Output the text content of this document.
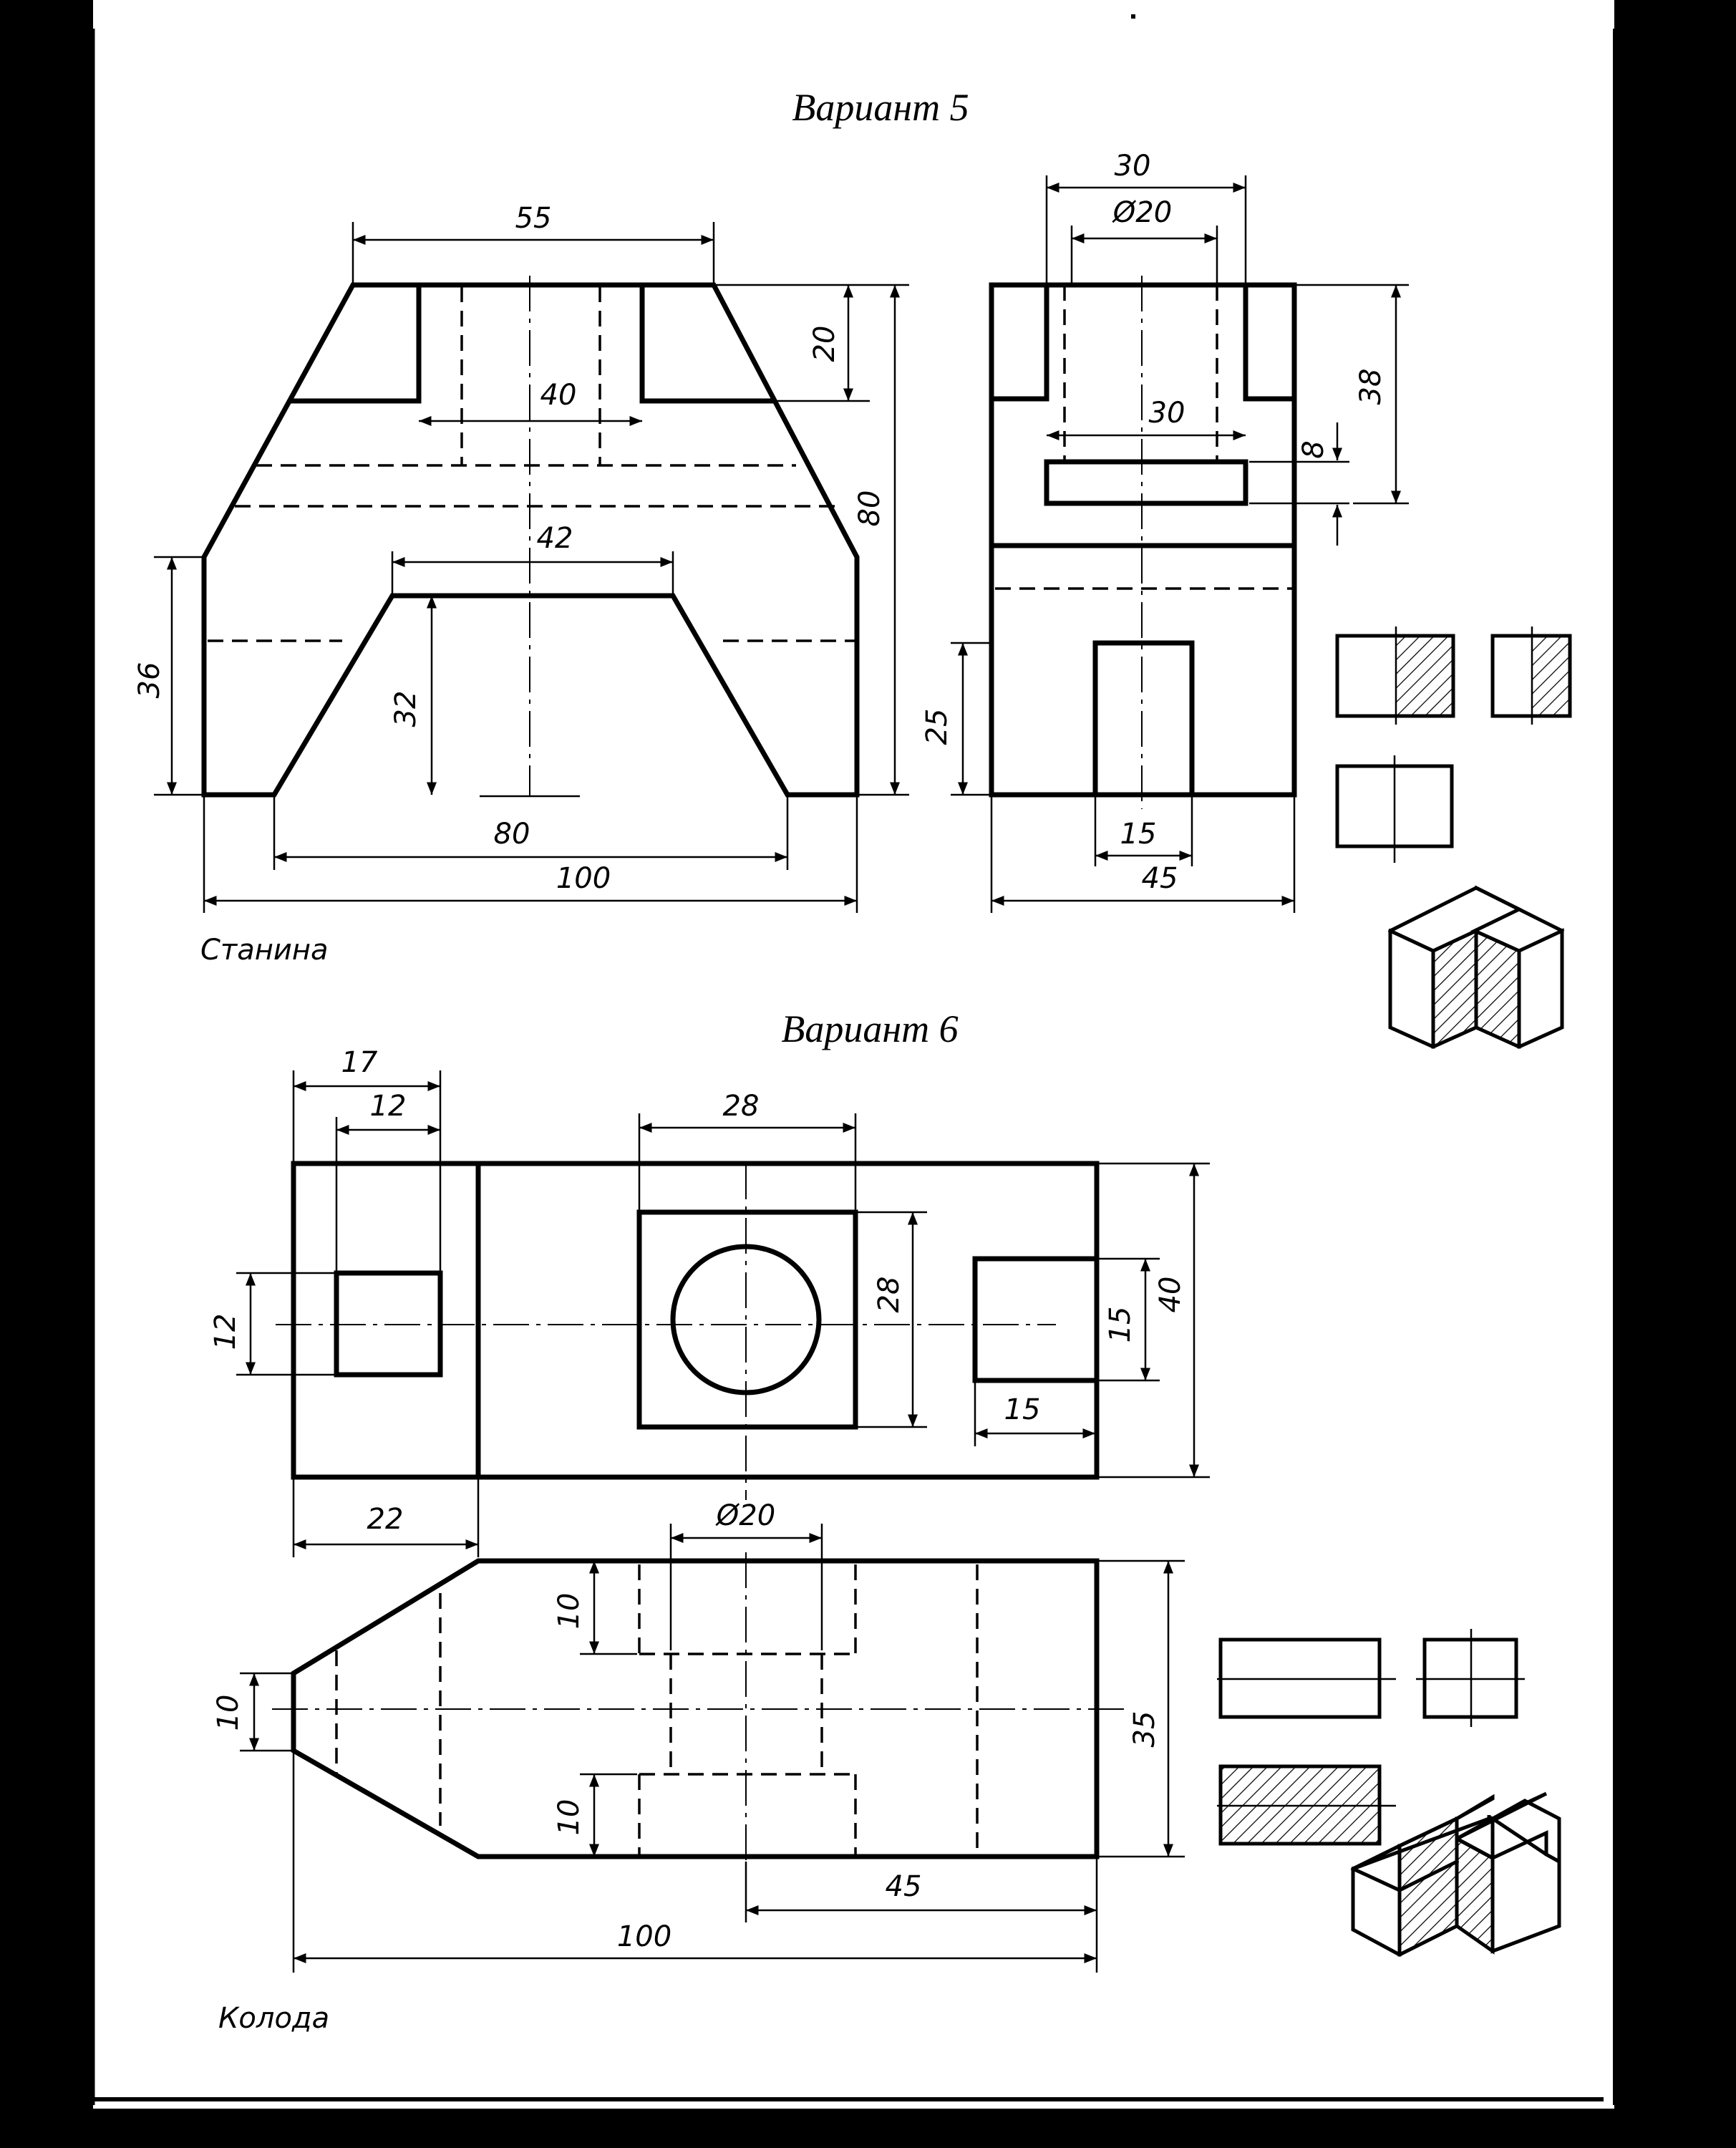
Вариант 5
55
40
42
20
80
36
32
80
100
Станина
30
Ø20
30
8
38
25
15
45
Вариант 6
17
12	28
12
28
15
40
15
22	Ø20
10
10
10
35
45
100
Колода
